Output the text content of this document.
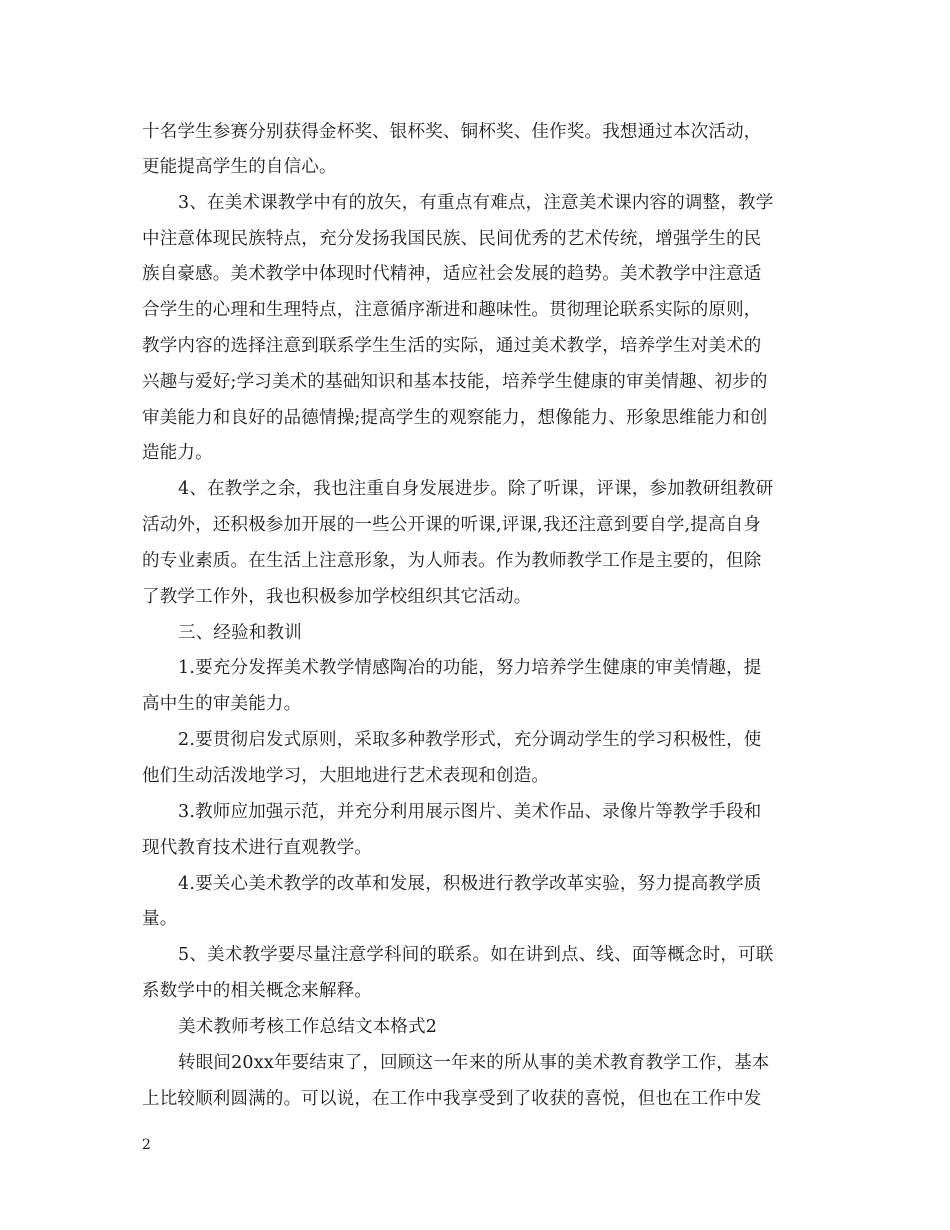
十名学生参赛分别获得金杯奖、银杯奖、铜杯奖、佳作奖。我想通过本次活动，
更能提高学生的自信心。
3、在美术课教学中有的放矢，有重点有难点，注意美术课内容的调整，教学
中注意体现民族特点，充分发扬我国民族、民间优秀的艺术传统，增强学生的民
族自豪感。美术教学中体现时代精神，适应社会发展的趋势。美术教学中注意适
合学生的心理和生理特点，注意循序渐进和趣味性。贯彻理论联系实际的原则，
教学内容的选择注意到联系学生生活的实际，通过美术教学，培养学生对美术的
兴趣与爱好;学习美术的基础知识和基本技能，培养学生健康的审美情趣、初步的
审美能力和良好的品德情操;提高学生的观察能力，想像能力、形象思维能力和创
造能力。
4、在教学之余，我也注重自身发展进步。除了听课，评课，参加教研组教研
活动外，还积极参加开展的一些公开课的听课,评课,我还注意到要自学,提高自身
的专业素质。在生活上注意形象，为人师表。作为教师教学工作是主要的，但除
了教学工作外，我也积极参加学校组织其它活动。
三、经验和教训
1.要充分发挥美术教学情感陶冶的功能，努力培养学生健康的审美情趣，提
高中生的审美能力。
2.要贯彻启发式原则，采取多种教学形式，充分调动学生的学习积极性，使
他们生动活泼地学习，大胆地进行艺术表现和创造。
3.教师应加强示范，并充分利用展示图片、美术作品、录像片等教学手段和
现代教育技术进行直观教学。
4.要关心美术教学的改革和发展，积极进行教学改革实验，努力提高教学质
量。
5、美术教学要尽量注意学科间的联系。如在讲到点、线、面等概念时，可联
系数学中的相关概念来解释。
美术教师考核工作总结文本格式2
转眼间20xx年要结束了，回顾这一年来的所从事的美术教育教学工作，基本
上比较顺利圆满的。可以说，在工作中我享受到了收获的喜悦，但也在工作中发
2
